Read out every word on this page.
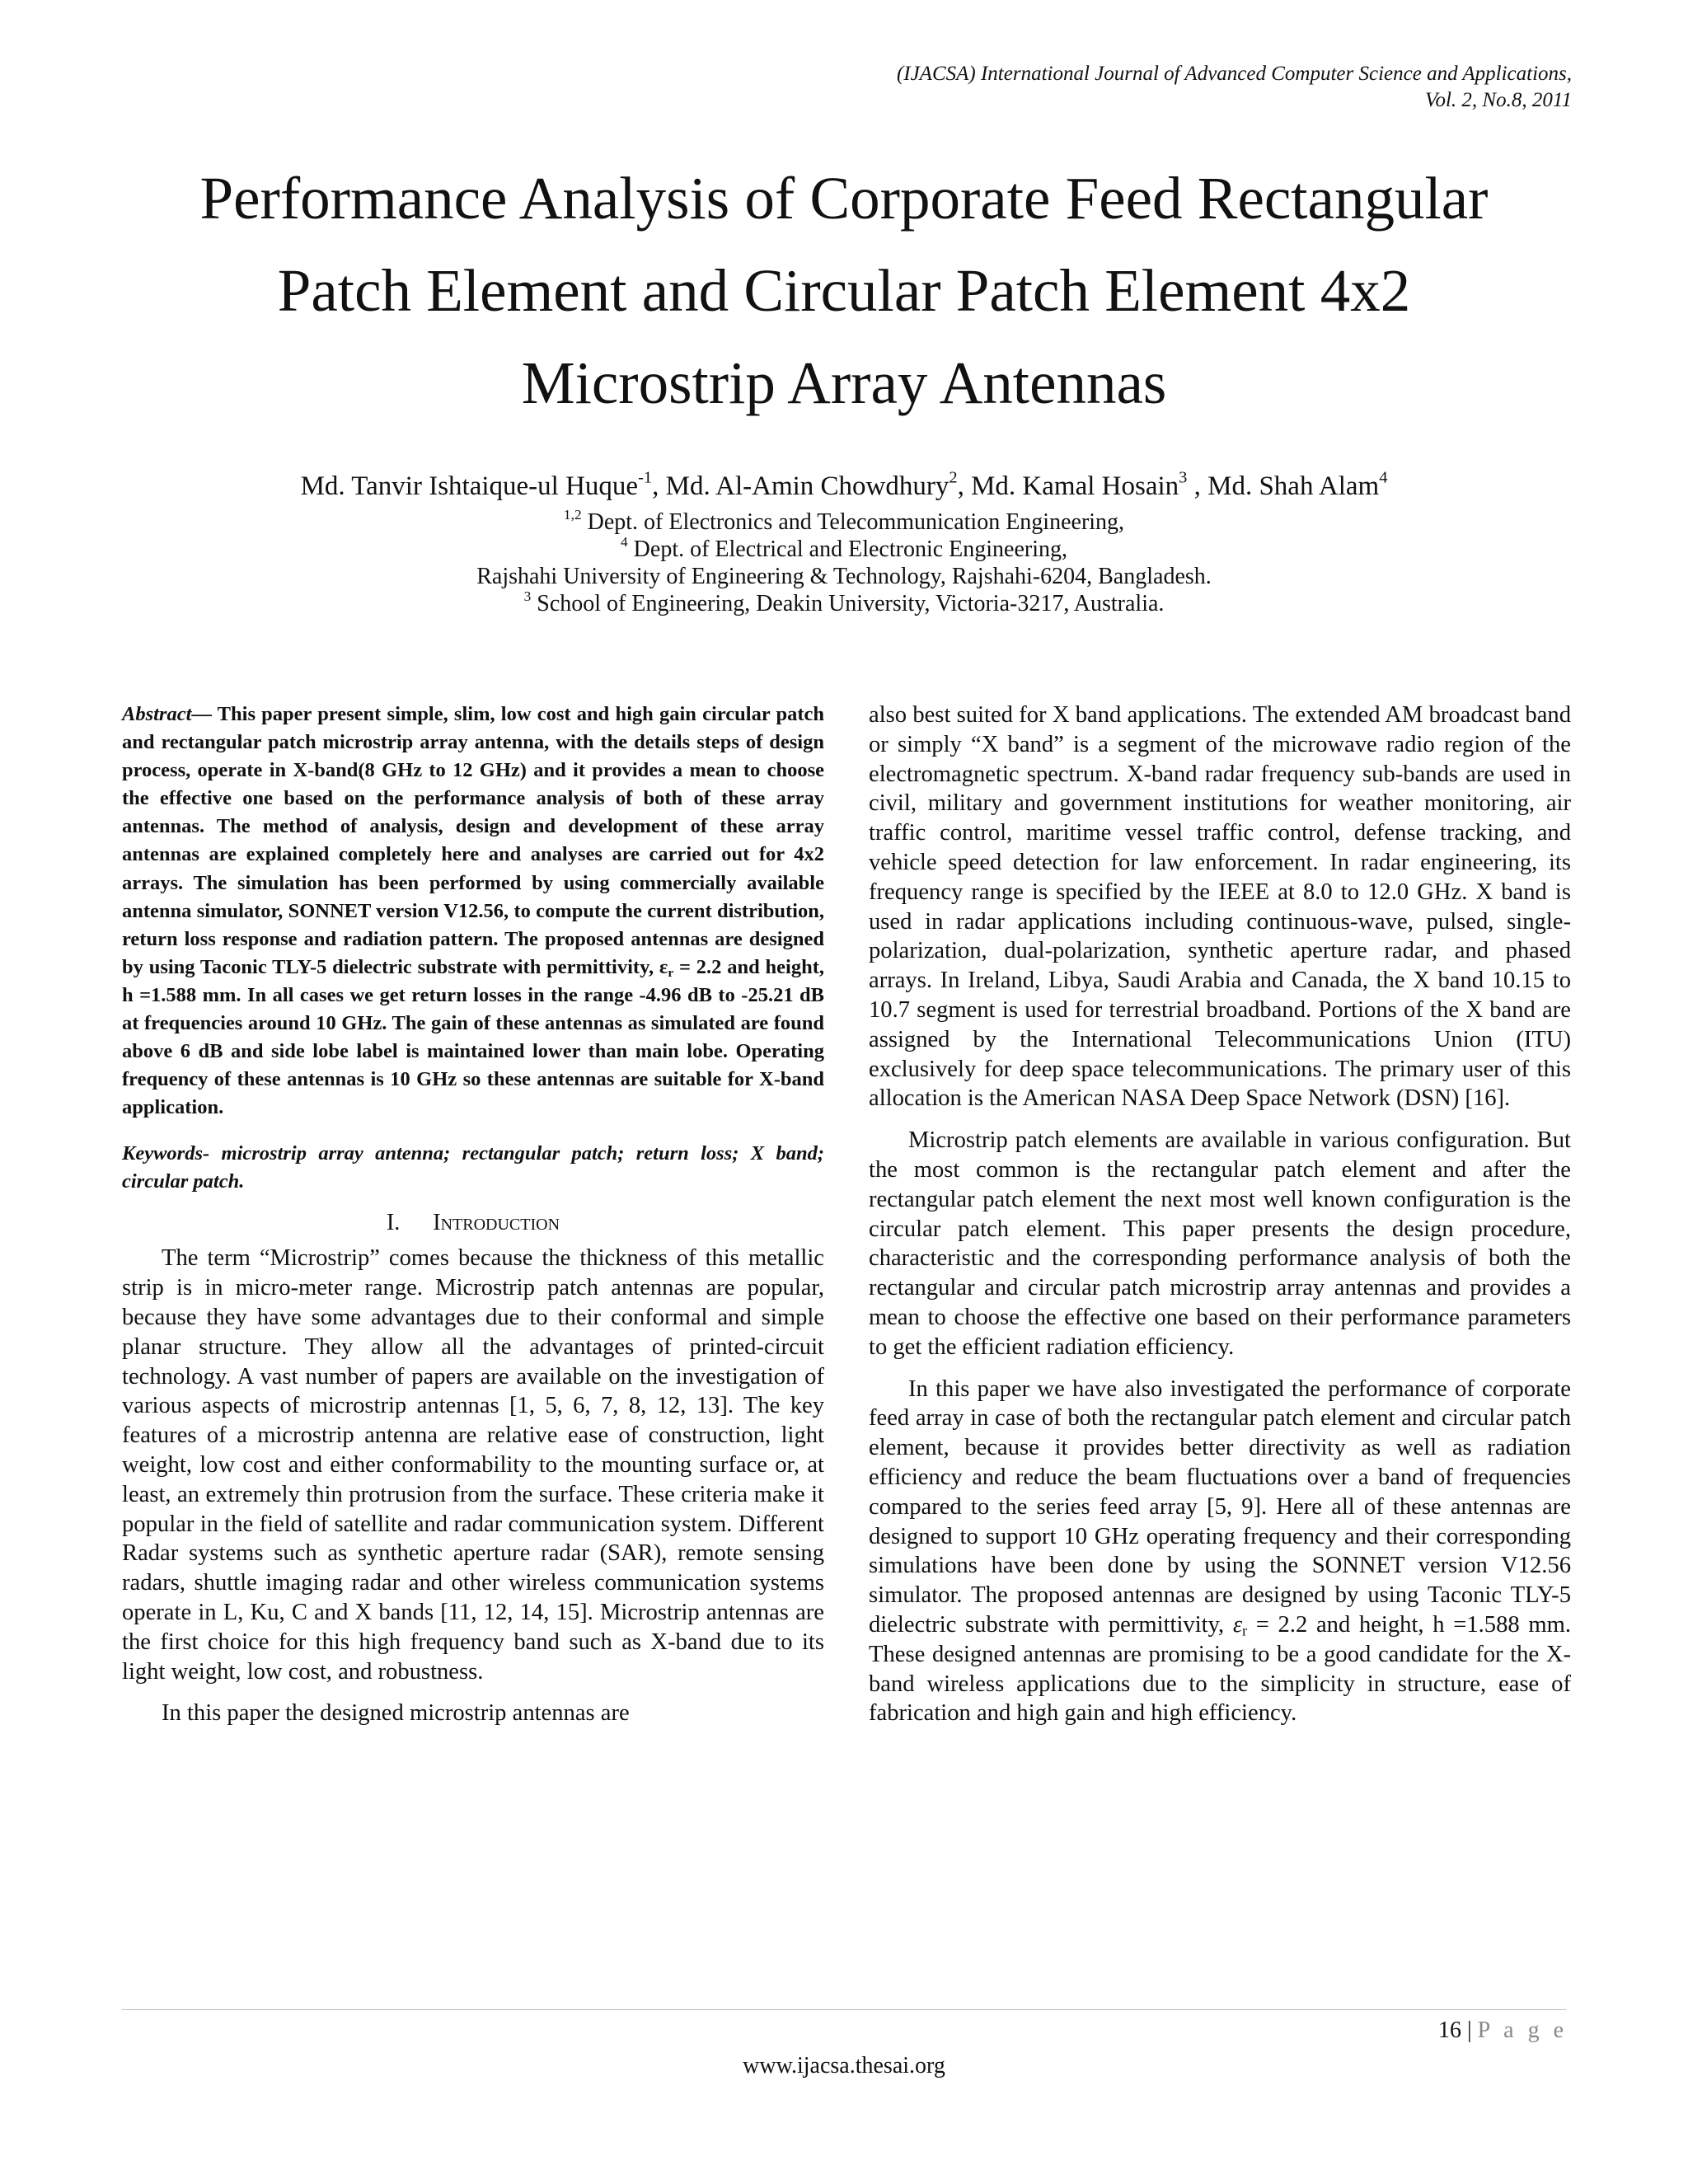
(IJACSA) International Journal of Advanced Computer Science and Applications,
Vol. 2, No.8, 2011
Performance Analysis of Corporate Feed Rectangular
Patch Element and Circular Patch Element 4x2
Microstrip Array Antennas
Md. Tanvir Ishtaique-ul Huque$^{-1}$, Md. Al-Amin Chowdhury$^2$, Md. Kamal Hosain$^3$ , Md. Shah Alam$^4$
$^{1,2}$ Dept. of Electronics and Telecommunication Engineering,
$^4$ Dept. of Electrical and Electronic Engineering,
Rajshahi University of Engineering & Technology, Rajshahi-6204, Bangladesh.
$^3$ School of Engineering, Deakin University, Victoria-3217, Australia.

Abstract— This paper present simple, slim, low cost and high gain circular patch and rectangular patch microstrip array antenna, with the details steps of design process, operate in X-band(8 GHz to 12 GHz) and it provides a mean to choose the effective one based on the performance analysis of both of these array antennas. The method of analysis, design and development of these array antennas are explained completely here and analyses are carried out for 4x2 arrays. The simulation has been performed by using commercially available antenna simulator, SONNET version V12.56, to compute the current distribution, return loss response and radiation pattern. The proposed antennas are designed by using Taconic TLY-5 dielectric substrate with permittivity, $\varepsilon_r = 2.2$ and height, h =1.588 mm. In all cases we get return losses in the range -4.96 dB to -25.21 dB at frequencies around 10 GHz. The gain of these antennas as simulated are found above 6 dB and side lobe label is maintained lower than main lobe. Operating frequency of these antennas is 10 GHz so these antennas are suitable for X-band application.

Keywords- microstrip array antenna; rectangular patch; return loss; X band; circular patch.

I. Introduction

The term “Microstrip” comes because the thickness of this metallic strip is in micro-meter range. Microstrip patch antennas are popular, because they have some advantages due to their conformal and simple planar structure. They allow all the advantages of printed-circuit technology. A vast number of papers are available on the investigation of various aspects of microstrip antennas [1, 5, 6, 7, 8, 12, 13]. The key features of a microstrip antenna are relative ease of construction, light weight, low cost and either conformability to the mounting surface or, at least, an extremely thin protrusion from the surface. These criteria make it popular in the field of satellite and radar communication system. Different Radar systems such as synthetic aperture radar (SAR), remote sensing radars, shuttle imaging radar and other wireless communication systems operate in L, Ku, C and X bands [11, 12, 14, 15]. Microstrip antennas are the first choice for this high frequency band such as X-band due to its light weight, low cost, and robustness.

In this paper the designed microstrip antennas are

also best suited for X band applications. The extended AM broadcast band or simply “X band” is a segment of the microwave radio region of the electromagnetic spectrum. X-band radar frequency sub-bands are used in civil, military and government institutions for weather monitoring, air traffic control, maritime vessel traffic control, defense tracking, and vehicle speed detection for law enforcement. In radar engineering, its frequency range is specified by the IEEE at 8.0 to 12.0 GHz. X band is used in radar applications including continuous-wave, pulsed, single-polarization, dual-polarization, synthetic aperture radar, and phased arrays. In Ireland, Libya, Saudi Arabia and Canada, the X band 10.15 to 10.7 segment is used for terrestrial broadband. Portions of the X band are assigned by the International Telecommunications Union (ITU) exclusively for deep space telecommunications. The primary user of this allocation is the American NASA Deep Space Network (DSN) [16].

Microstrip patch elements are available in various configuration. But the most common is the rectangular patch element and after the rectangular patch element the next most well known configuration is the circular patch element. This paper presents the design procedure, characteristic and the corresponding performance analysis of both the rectangular and circular patch microstrip array antennas and provides a mean to choose the effective one based on their performance parameters to get the efficient radiation efficiency.

In this paper we have also investigated the performance of corporate feed array in case of both the rectangular patch element and circular patch element, because it provides better directivity as well as radiation efficiency and reduce the beam fluctuations over a band of frequencies compared to the series feed array [5, 9]. Here all of these antennas are designed to support 10 GHz operating frequency and their corresponding simulations have been done by using the SONNET version V12.56 simulator. The proposed antennas are designed by using Taconic TLY-5 dielectric substrate with permittivity, $\varepsilon_r = 2.2$ and height, h =1.588 mm. These designed antennas are promising to be a good candidate for the X-band wireless applications due to the simplicity in structure, ease of fabrication and high gain and high efficiency.

16 | P a g e
www.ijacsa.thesai.org
